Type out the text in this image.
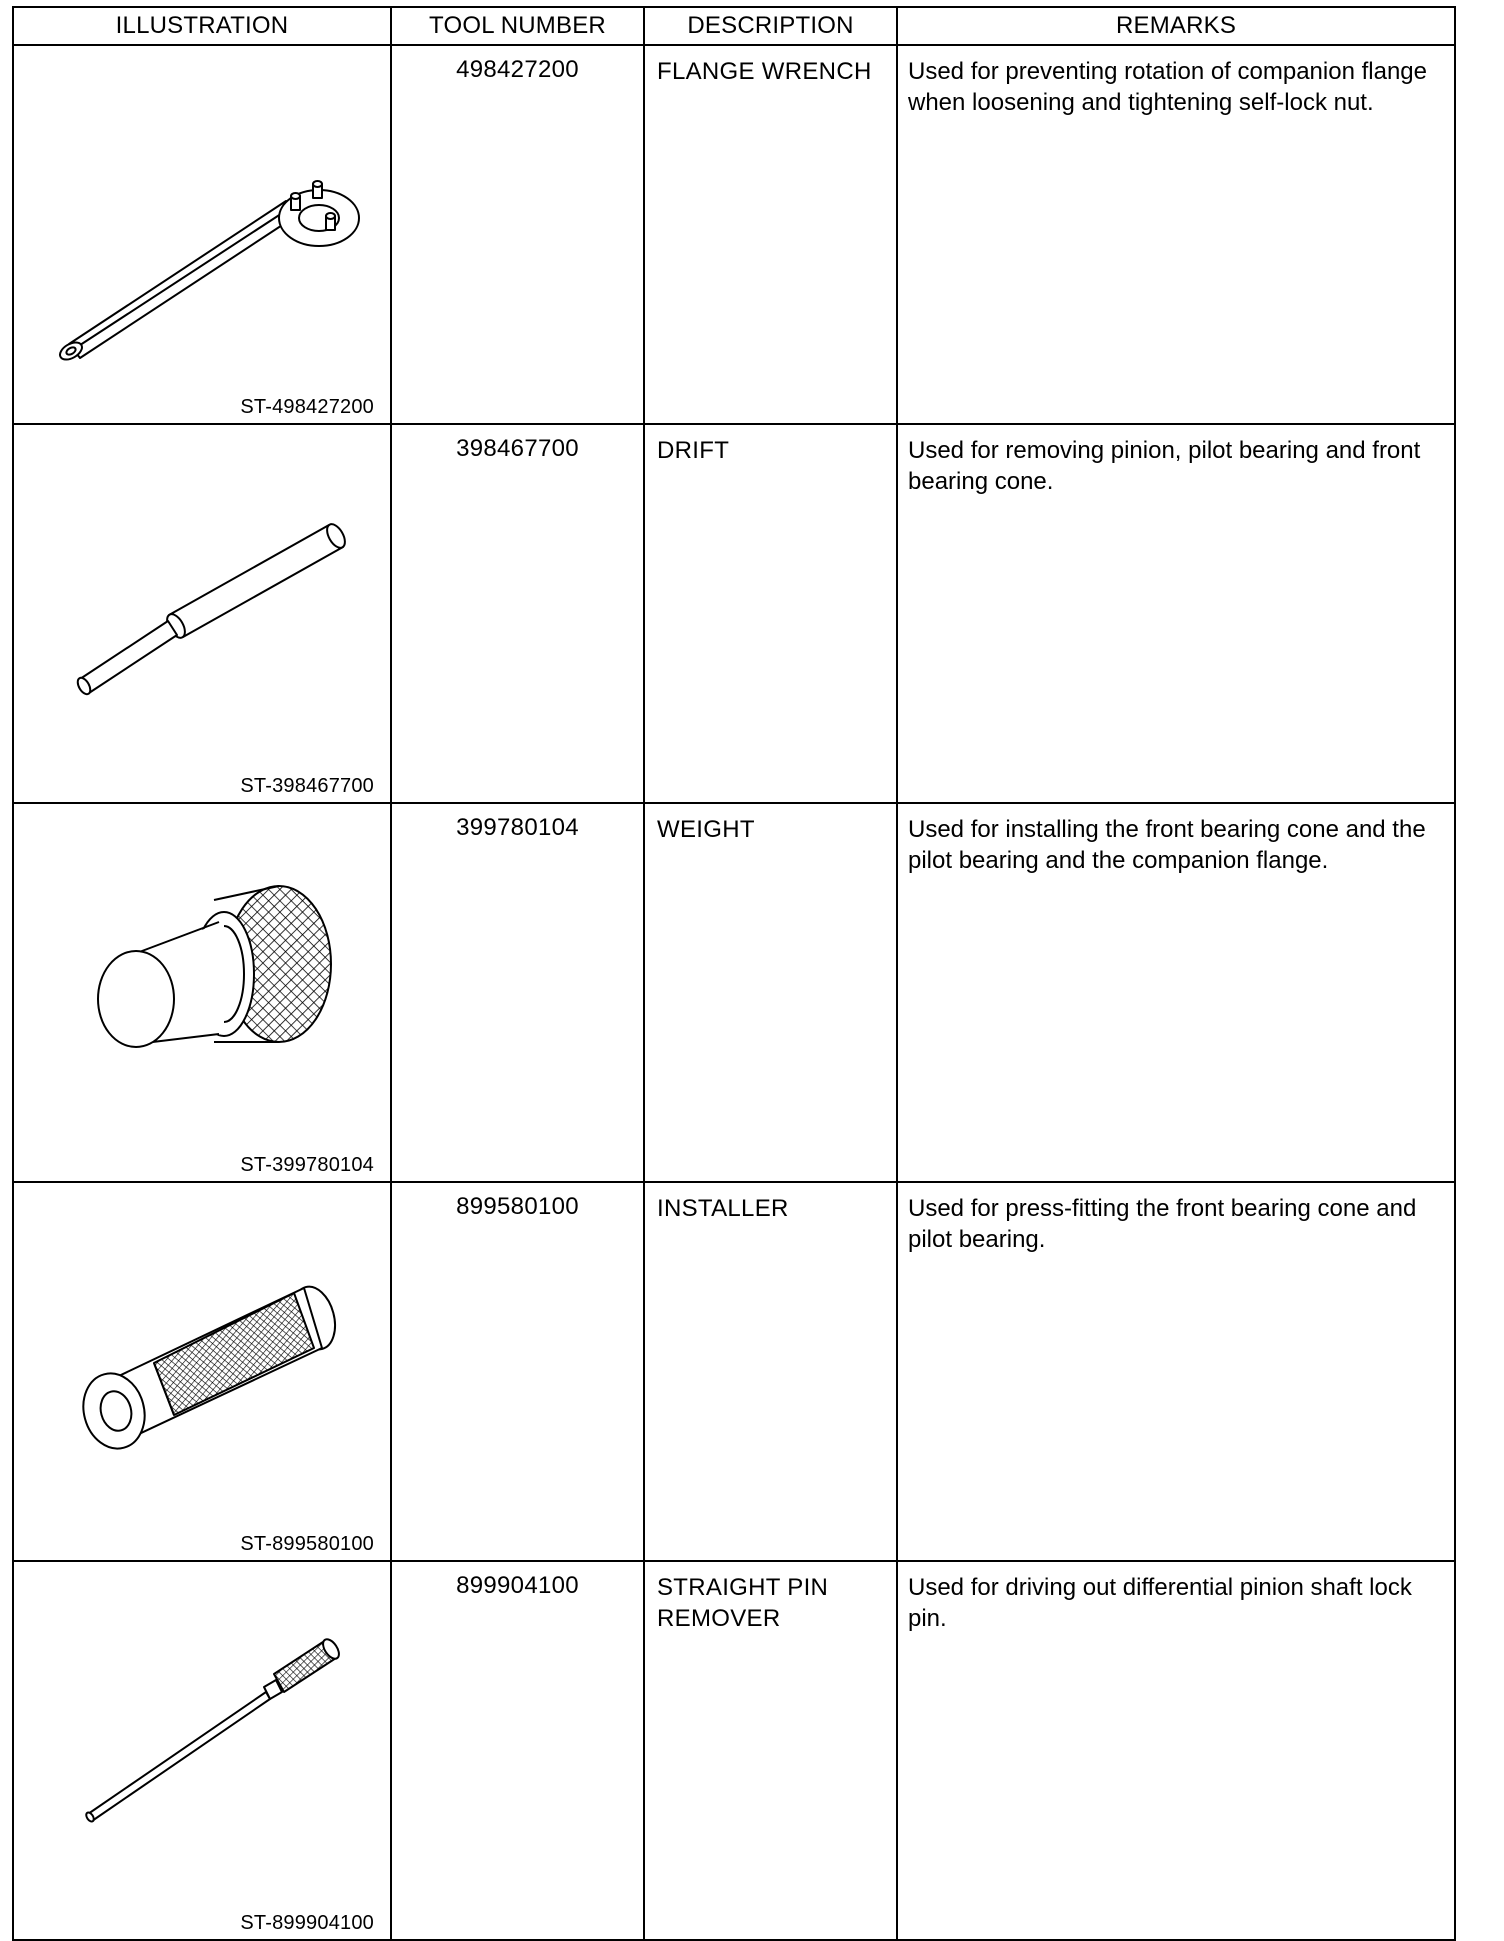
ILLUSTRATION	TOOL NUMBER	DESCRIPTION	REMARKS

ST-498427200	498427200	FLANGE WRENCH	Used for preventing rotation of companion flange when loosening and tightening self-lock nut.

ST-398467700	398467700	DRIFT	Used for removing pinion, pilot bearing and front bearing cone.

ST-399780104	399780104	WEIGHT	Used for installing the front bearing cone and the pilot bearing and the companion flange.

ST-899580100	899580100	INSTALLER	Used for press-fitting the front bearing cone and pilot bearing.

ST-899904100	899904100	STRAIGHT PIN REMOVER	Used for driving out differential pinion shaft lock pin.
